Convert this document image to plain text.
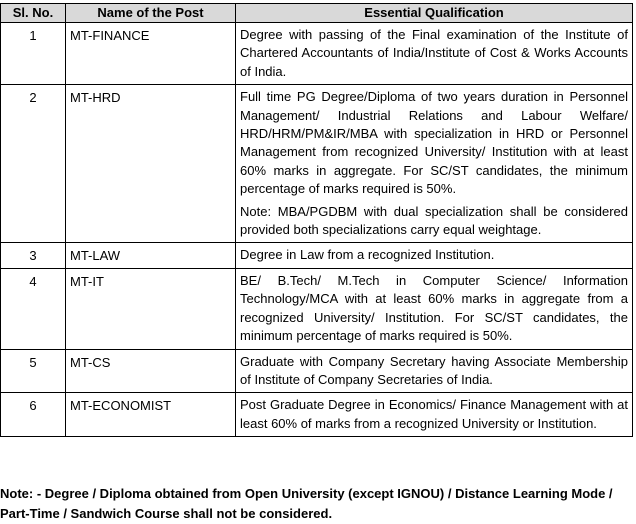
Sl. No.	Name of the Post	Essential Qualification
1	MT-FINANCE	Degree with passing of the Final examination of the Institute of Chartered Accountants of India/Institute of Cost & Works Accounts of India.

2	MT-HRD	Full time PG Degree/Diploma of two years duration in Personnel Management/ Industrial Relations and Labour Welfare/ HRD/HRM/PM&IR/MBA with specialization in HRD or Personnel Management from recognized University/ Institution with at least 60% marks in aggregate. For SC/ST candidates, the minimum percentage of marks required is 50%.

Note: MBA/PGDBM with dual specialization shall be considered provided both specializations carry equal weightage.

3	MT-LAW	Degree in Law from a recognized Institution.

4	MT-IT	BE/ B.Tech/ M.Tech in Computer Science/ Information Technology/MCA with at least 60% marks in aggregate from a recognized University/ Institution. For SC/ST candidates, the minimum percentage of marks required is 50%.

5	MT-CS	Graduate with Company Secretary having Associate Membership of Institute of Company Secretaries of India.

6	MT-ECONOMIST	Post Graduate Degree in Economics/ Finance Management with at least 60% of marks from a recognized University or Institution.

Note: - Degree / Diploma obtained from Open University (except IGNOU) / Distance Learning Mode / Part-Time / Sandwich Course shall not be considered.
